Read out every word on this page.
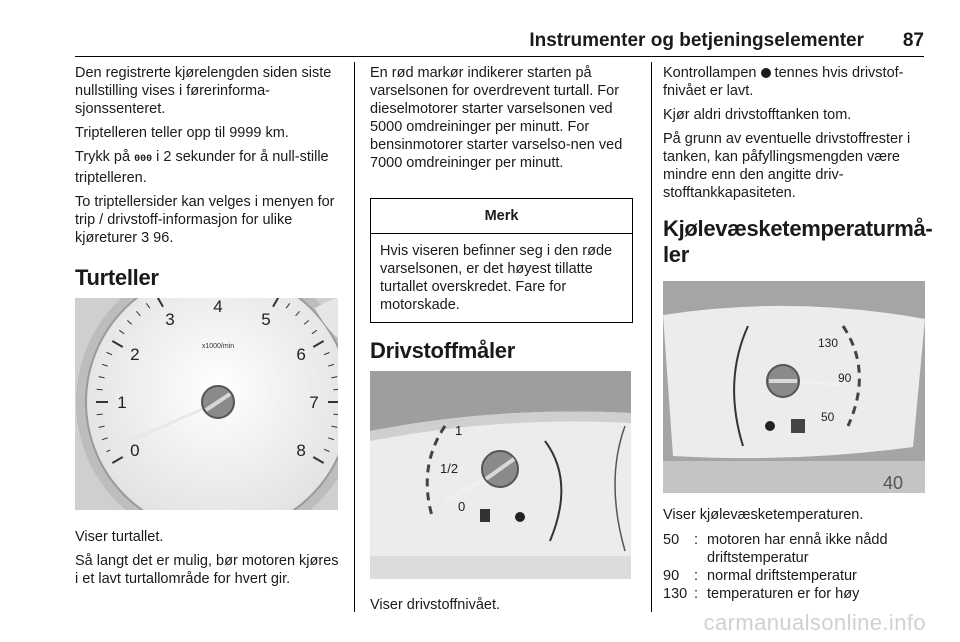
Instrumenter og betjeningselementer 87

Den registrerte kjørelengden siden siste nullstilling vises i førerinforma-sjonssenteret.

Triptelleren teller opp til 9999 km.

Trykk på 000 i 2 sekunder for å null-stille triptelleren.

To triptellersider kan velges i menyen for trip / drivstoff-informasjon for ulike kjøreturer 3 96.

Turteller
0
1
2
3
4
5
6
7
8
x1000/min

Viser turtallet.

Så langt det er mulig, bør motoren kjøres i et lavt turtallområde for hvert gir.

En rød markør indikerer starten på varselsonen for overdrevent turtall. For dieselmotorer starter varselsonen ved 5000 omdreininger per minutt. For bensinmotorer starter varselso-nen ved 7000 omdreininger per minutt.

Merk
Hvis viseren befinner seg i den røde varselsonen, er det høyest tillatte turtallet overskredet. Fare for motorskade.
Drivstoffmåler
1
1/2
0

Viser drivstoffnivået.

Kontrollampen  tennes hvis drivstof-fnivået er lavt.

Kjør aldri drivstofftanken tom.

På grunn av eventuelle drivstoffrester i tanken, kan påfyllingsmengden være mindre enn den angitte driv-stofftankkapasiteten.

Kjølevæsketemperaturmå-ler
130
90
50
40

Viser kjølevæsketemperaturen.

50 : motoren har ennå ikke nådd driftstemperatur
90 : normal driftstemperatur
130 : temperaturen er for høy
carmanualsonline.info
